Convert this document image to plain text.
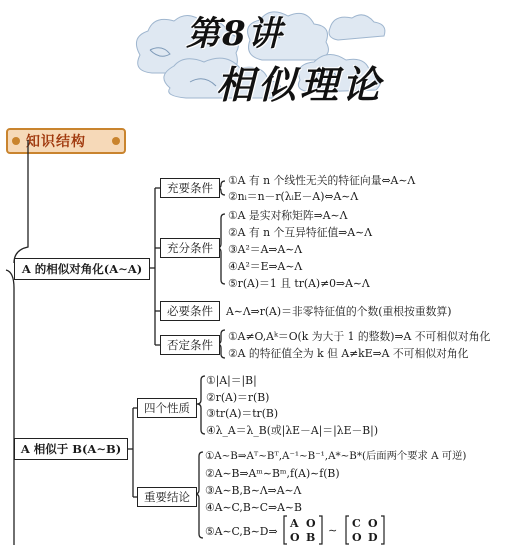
第8讲
相似理论
知识结构
A 的相似对角化(A∼A)
充要条件
①A 有 n 个线性无关的特征向量⇔A∼Λ
②nᵢ＝n－r(λᵢE－A)⇔A∼Λ
充分条件
①A 是实对称矩阵⇒A∼Λ
②A 有 n 个互异特征值⇒A∼Λ
③A²＝A⇒A∼Λ
④A²＝E⇒A∼Λ
⑤r(A)＝1 且 tr(A)≠0⇒A∼Λ
必要条件	A∼Λ⇒r(A)＝非零特征值的个数(重根按重数算)
否定条件
①A≠O,Aᵏ＝O(k 为大于 1 的整数)⇒A 不可相似对角化
②A 的特征值全为 k 但 A≠kE⇒A 不可相似对角化
A 相似于 B(A∼B)
四个性质
①|A|＝|B|
②r(A)＝r(B)
③tr(A)＝tr(B)
④λ_A＝λ_B(或|λE－A|＝|λE－B|)
重要结论
①A∼B⇒Aᵀ∼Bᵀ,A⁻¹∼B⁻¹,A*∼B*(后面两个要求 A 可逆)
②A∼B⇒Aᵐ∼Bᵐ,f(A)∼f(B)
③A∼B,B∼Λ⇒A∼Λ
④A∼C,B∼C⇒A∼B
⑤A∼C,B∼D⇒
A O
O B
∼
C O
O D
